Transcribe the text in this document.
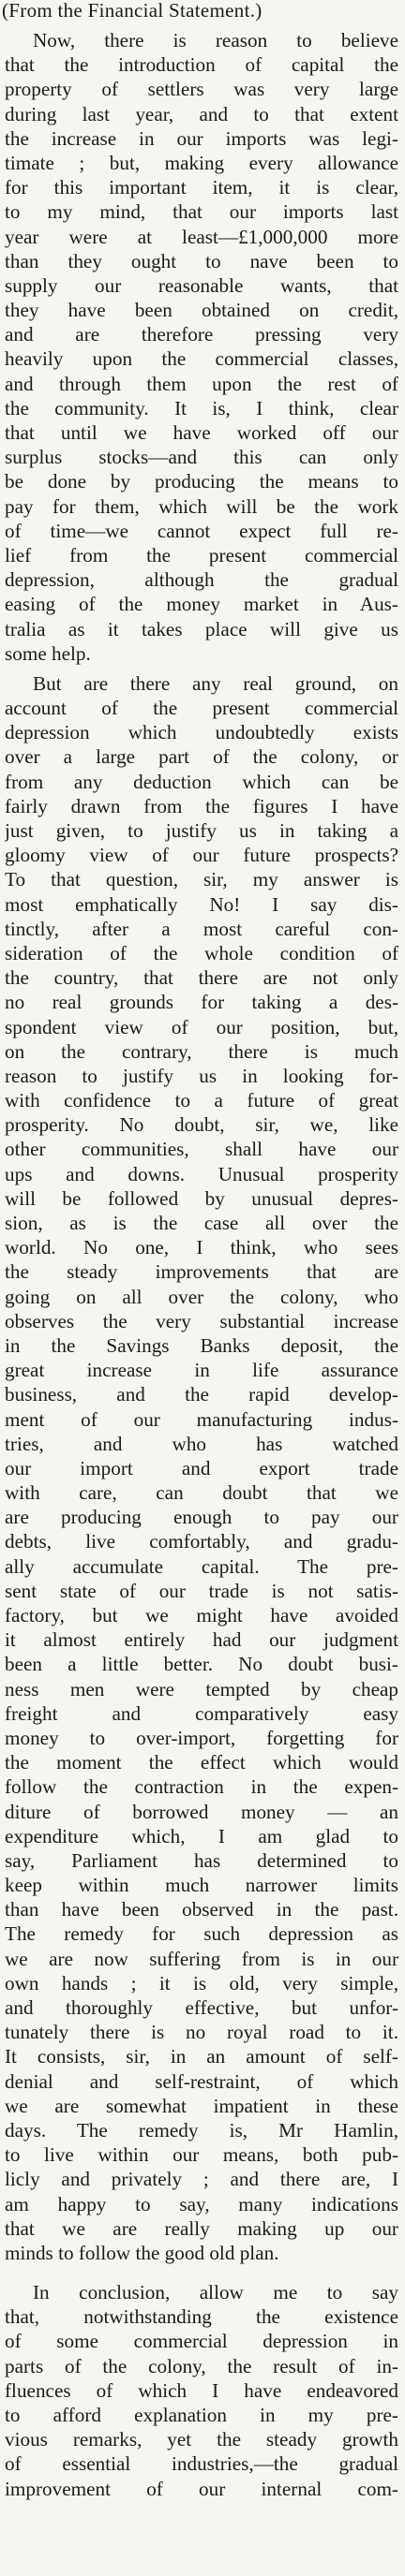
(From the Financial Statement.)
Now, there is reason to believe
that the introduction of capital the
property of settlers was very large
during last year, and to that extent
the increase in our imports was legi-
timate ; but, making every allowance
for this important item, it is clear,
to my mind, that our imports last
year were at least—£1,000,000 more
than they ought to nave been to
supply our reasonable wants, that
they have been obtained on credit,
and are therefore pressing very
heavily upon the commercial classes,
and through them upon the rest of
the community. It is, I think, clear
that until we have worked off our
surplus stocks—and this can only
be done by producing the means to
pay for them, which will be the work
of time—we cannot expect full re-
lief from the present commercial
depression, although the gradual
easing of the money market in Aus-
tralia as it takes place will give us
some help.
But are there any real ground, on
account of the present commercial
depression which undoubtedly exists
over a large part of the colony, or
from any deduction which can be
fairly drawn from the figures I have
just given, to justify us in taking a
gloomy view of our future prospects?
To that question, sir, my answer is
most emphatically No! I say dis-
tinctly, after a most careful con-
sideration of the whole condition of
the country, that there are not only
no real grounds for taking a des-
spondent view of our position, but,
on the contrary, there is much
reason to justify us in looking for-
with confidence to a future of great
prosperity. No doubt, sir, we, like
other communities, shall have our
ups and downs. Unusual prosperity
will be followed by unusual depres-
sion, as is the case all over the
world. No one, I think, who sees
the steady improvements that are
going on all over the colony, who
observes the very substantial increase
in the Savings Banks deposit, the
great increase in life assurance
business, and the rapid develop-
ment of our manufacturing indus-
tries, and who has watched
our import and export trade
with care, can doubt that we
are producing enough to pay our
debts, live comfortably, and gradu-
ally accumulate capital. The pre-
sent state of our trade is not satis-
factory, but we might have avoided
it almost entirely had our judgment
been a little better. No doubt busi-
ness men were tempted by cheap
freight and comparatively easy
money to over-import, forgetting for
the moment the effect which would
follow the contraction in the expen-
diture of borrowed money — an
expenditure which, I am glad to
say, Parliament has determined to
keep within much narrower limits
than have been observed in the past.
The remedy for such depression as
we are now suffering from is in our
own hands ; it is old, very simple,
and thoroughly effective, but unfor-
tunately there is no royal road to it.
It consists, sir, in an amount of self-
denial and self-restraint, of which
we are somewhat impatient in these
days. The remedy is, Mr Hamlin,
to live within our means, both pub-
licly and privately ; and there are, I
am happy to say, many indications
that we are really making up our
minds to follow the good old plan.
In conclusion, allow me to say
that, notwithstanding the existence
of some commercial depression in
parts of the colony, the result of in-
fluences of which I have endeavored
to afford explanation in my pre-
vious remarks, yet the steady growth
of essential industries,—the gradual
improvement of our internal com-
